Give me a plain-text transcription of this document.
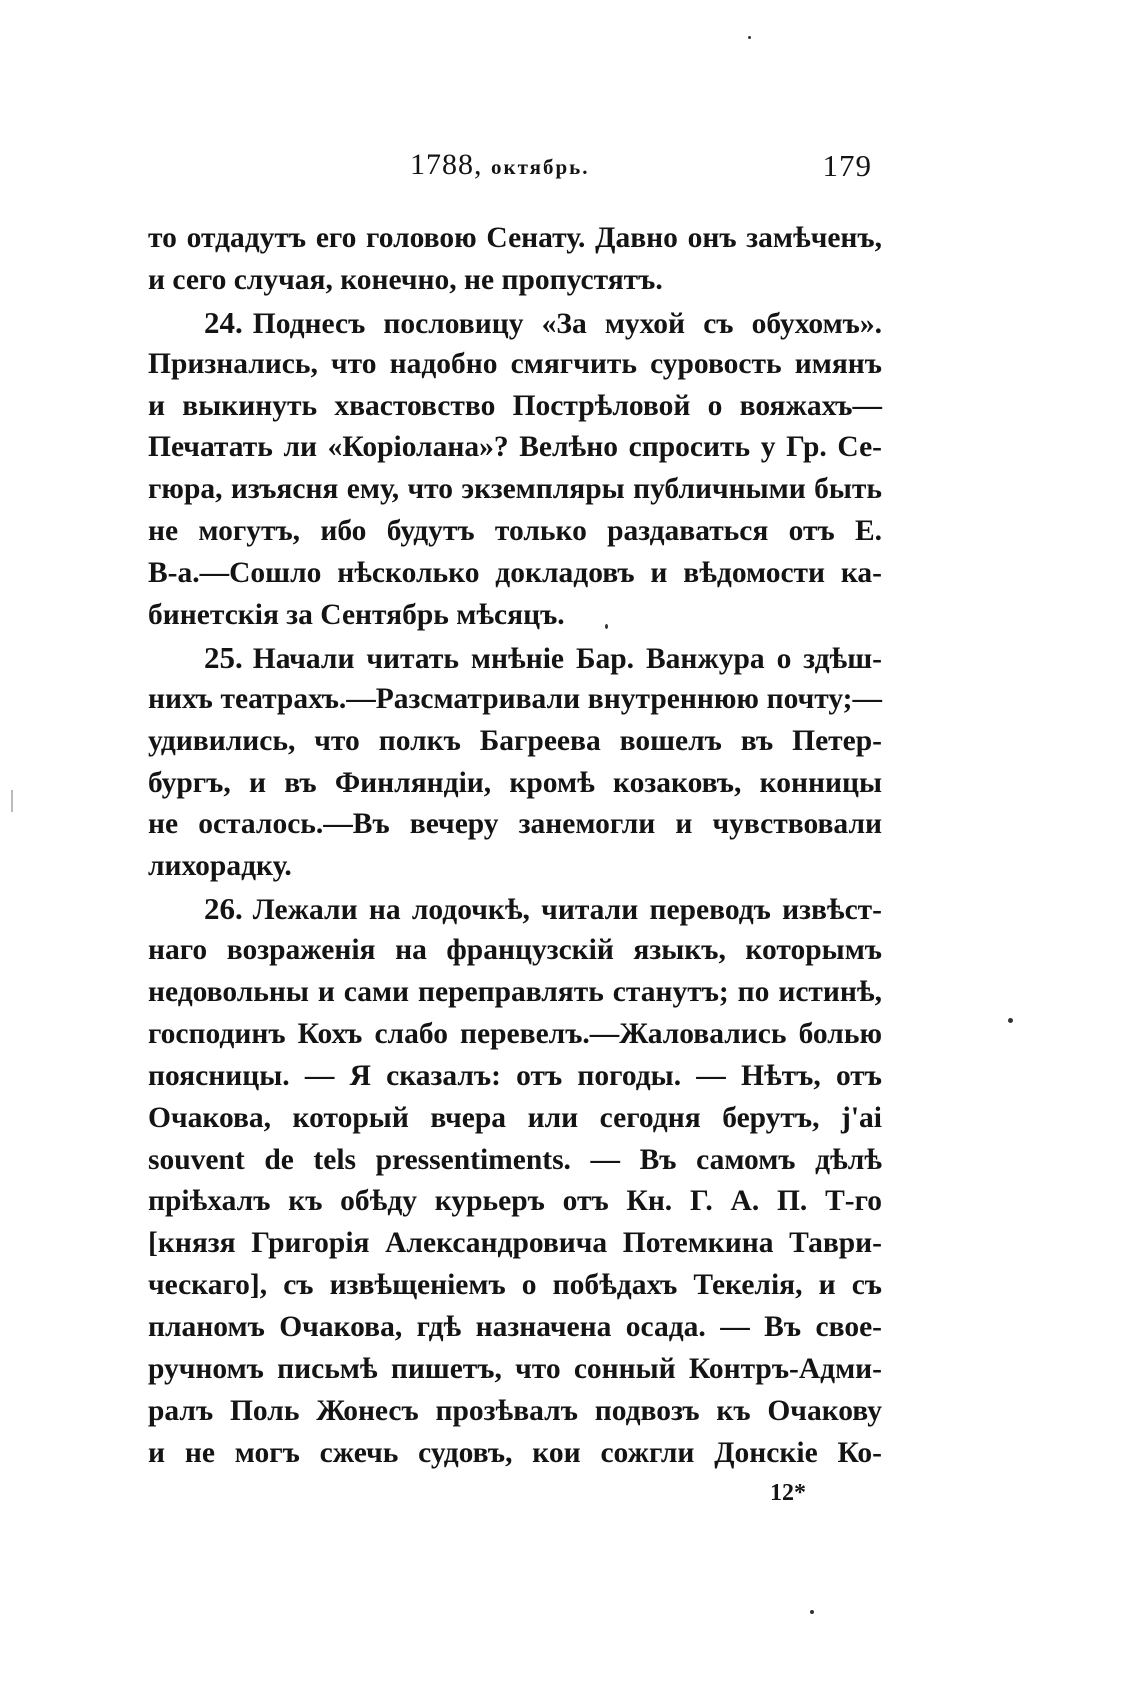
1788, октябрь.	179
то отдадутъ его головою Сенату. Давно онъ замѣченъ,
и сего случая, конечно, не пропустятъ.
24. Поднесъ пословицу «За мухой съ обухомъ».
Признались, что надобно смягчить суровость имянъ
и выкинуть хвастовство Пострѣловой о вояжахъ—
Печатать ли «Коріолана»? Велѣно спросить у Гр. Се-
гюра, изъясня ему, что экземпляры публичными быть
не могутъ, ибо будутъ только раздаваться отъ Е.
В-а.—Сошло нѣсколько докладовъ и вѣдомости ка-
бинетскія за Сентябрь мѣсяцъ.
25. Начали читать мнѣніе Бар. Ванжура о здѣш-
нихъ театрахъ.—Разсматривали внутреннюю почту;—
удивились, что полкъ Багреева вошелъ въ Петер-
бургъ, и въ Финляндіи, кромѣ козаковъ, конницы
не осталось.—Въ вечеру занемогли и чувствовали
лихорадку.
26. Лежали на лодочкѣ, читали переводъ извѣст-
наго возраженія на французскій языкъ, которымъ
недовольны и сами переправлять станутъ; по истинѣ,
господинъ Кохъ слабо перевелъ.—Жаловались болью
поясницы. — Я сказалъ: отъ погоды. — Нѣтъ, отъ
Очакова, который вчера или сегодня берутъ, j'ai
souvent de tels pressentiments. — Въ самомъ дѣлѣ
пріѣхалъ къ обѣду курьеръ отъ Кн. Г. А. П. Т-го
[князя Григорія Александровича Потемкина Таври-
ческаго], съ извѣщеніемъ о побѣдахъ Текелія, и съ
планомъ Очакова, гдѣ назначена осада. — Въ свое-
ручномъ письмѣ пишетъ, что сонный Контръ-Адми-
ралъ Поль Жонесъ прозѣвалъ подвозъ къ Очакову
и не могъ сжечь судовъ, кои сожгли Донскіе Ко-
12*
